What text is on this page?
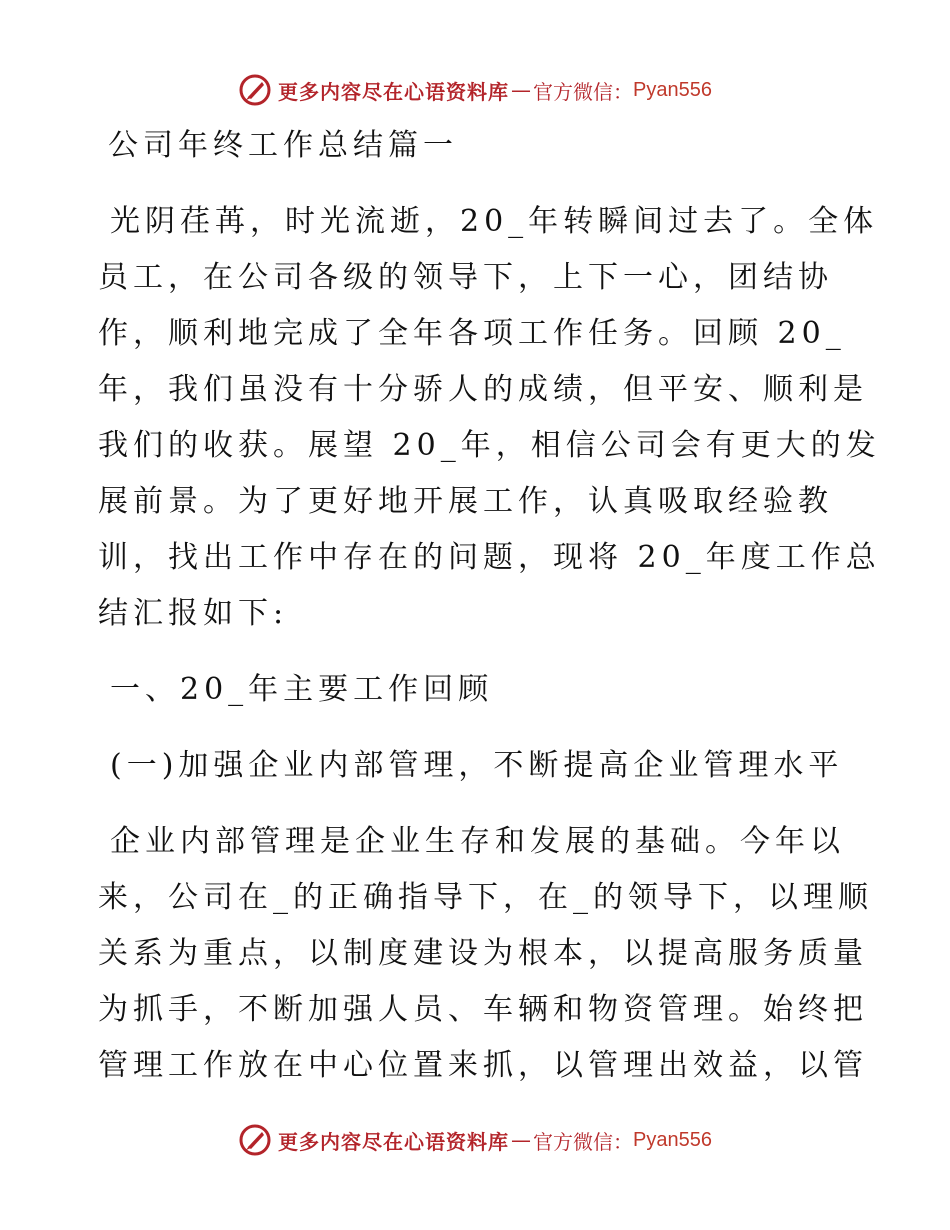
更多内容尽在心语资料库 — 官方微信： Pyan556
公司年终工作总结篇一
光阴荏苒，时光流逝，20_年转瞬间过去了。全体
员工，在公司各级的领导下，上下一心，团结协
作，顺利地完成了全年各项工作任务。回顾 20_
年，我们虽没有十分骄人的成绩，但平安、顺利是
我们的收获。展望 20_年，相信公司会有更大的发
展前景。为了更好地开展工作，认真吸取经验教
训，找出工作中存在的问题，现将 20_年度工作总
结汇报如下:
一、20_年主要工作回顾
(一)加强企业内部管理，不断提高企业管理水平
企业内部管理是企业生存和发展的基础。今年以
来，公司在_的正确指导下，在_的领导下，以理顺
关系为重点，以制度建设为根本，以提高服务质量
为抓手，不断加强人员、车辆和物资管理。始终把
管理工作放在中心位置来抓，以管理出效益，以管
更多内容尽在心语资料库 — 官方微信： Pyan556
